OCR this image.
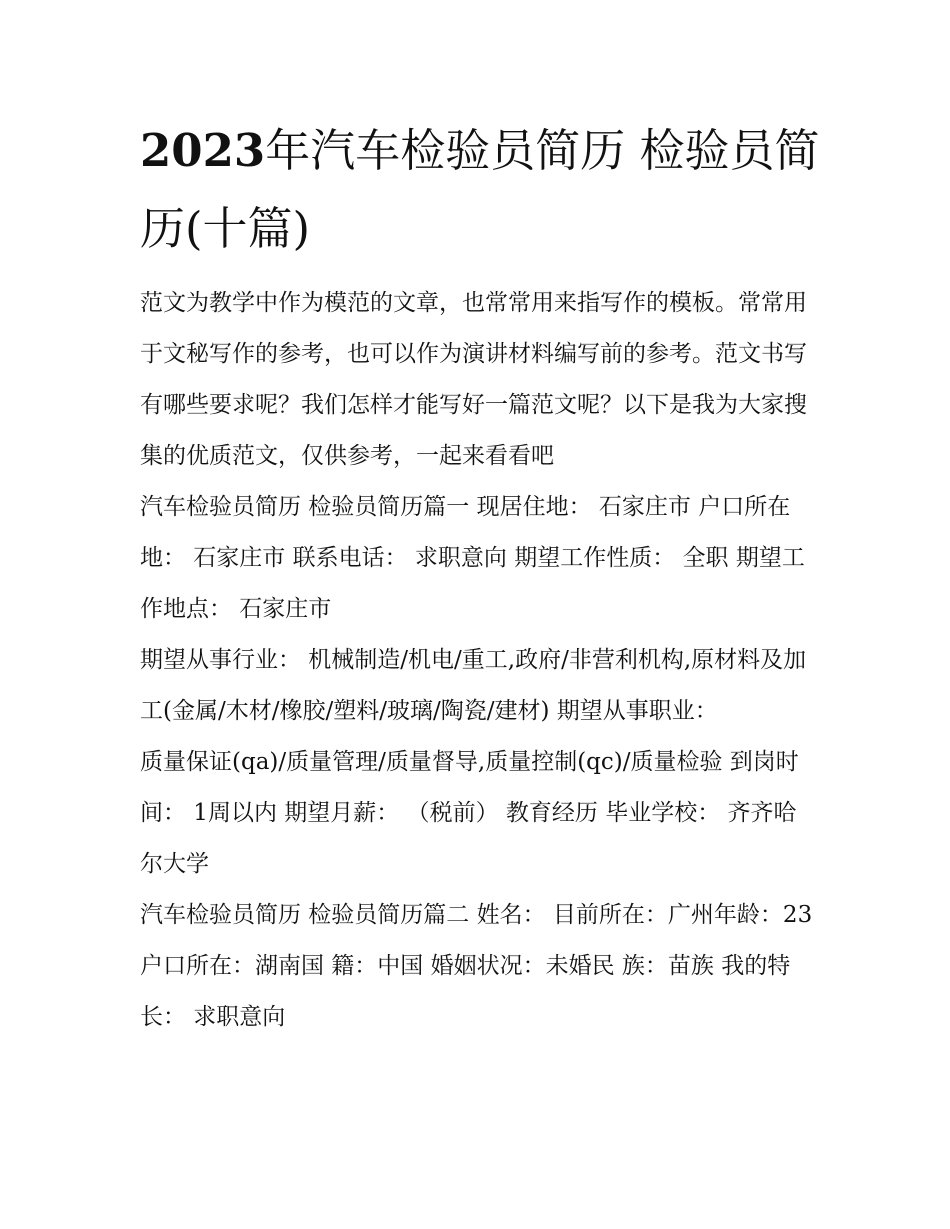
2023年汽车检验员简历 检验员简历(十篇)

范文为教学中作为模范的文章，也常常用来指写作的模板。常常用于文秘写作的参考，也可以作为演讲材料编写前的参考。范文书写有哪些要求呢？我们怎样才能写好一篇范文呢？以下是我为大家搜集的优质范文，仅供参考，一起来看看吧

汽车检验员简历 检验员简历篇一 现居住地： 石家庄市 户口所在地： 石家庄市 联系电话： 求职意向 期望工作性质： 全职 期望工作地点： 石家庄市

期望从事行业： 机械制造/机电/重工,政府/非营利机构,原材料及加工(金属/木材/橡胶/塑料/玻璃/陶瓷/建材) 期望从事职业：

质量保证(qa)/质量管理/质量督导,质量控制(qc)/质量检验 到岗时间： 1周以内 期望月薪： （税前） 教育经历 毕业学校： 齐齐哈尔大学

汽车检验员简历 检验员简历篇二 姓名： 目前所在：广州年龄：23户口所在：湖南国 籍：中国 婚姻状况：未婚民 族：苗族 我的特长： 求职意向
